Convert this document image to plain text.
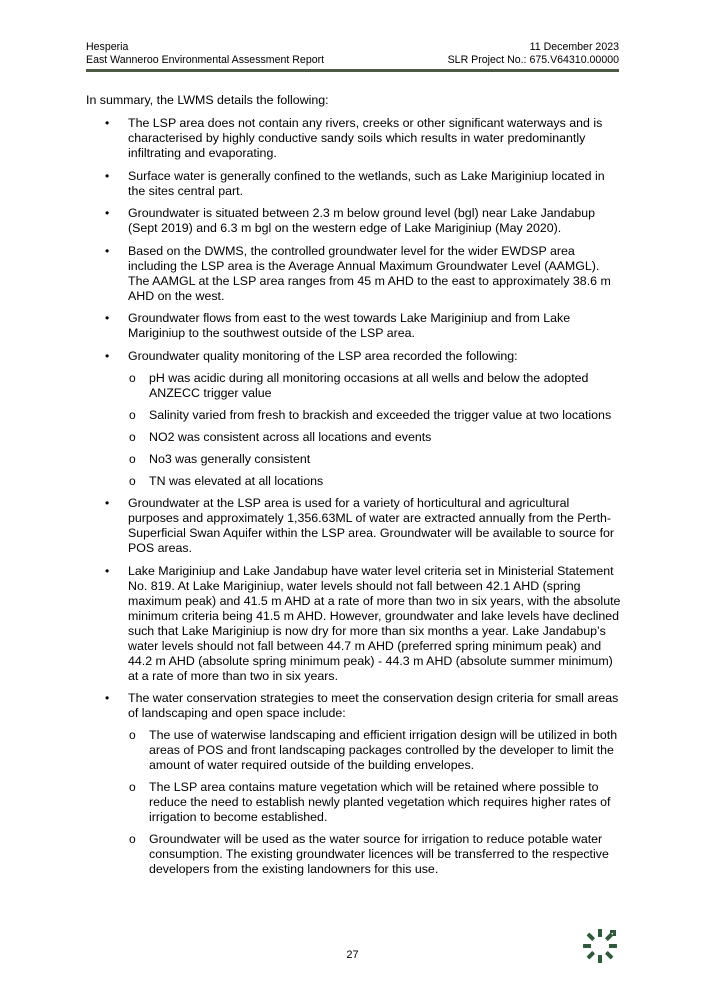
Hesperia
East Wanneroo Environmental Assessment Report
11 December 2023
SLR Project No.: 675.V64310.00000

In summary, the LWMS details the following:

• The LSP area does not contain any rivers, creeks or other significant waterways and is characterised by highly conductive sandy soils which results in water predominantly infiltrating and evaporating.
• Surface water is generally confined to the wetlands, such as Lake Mariginiup located in the sites central part.
• Groundwater is situated between 2.3 m below ground level (bgl) near Lake Jandabup (Sept 2019) and 6.3 m bgl on the western edge of Lake Mariginiup (May 2020).
• Based on the DWMS, the controlled groundwater level for the wider EWDSP area including the LSP area is the Average Annual Maximum Groundwater Level (AAMGL). The AAMGL at the LSP area ranges from 45 m AHD to the east to approximately 38.6 m AHD on the west.
• Groundwater flows from east to the west towards Lake Mariginiup and from Lake Mariginiup to the southwest outside of the LSP area.
• Groundwater quality monitoring of the LSP area recorded the following:
o pH was acidic during all monitoring occasions at all wells and below the adopted ANZECC trigger value
o Salinity varied from fresh to brackish and exceeded the trigger value at two locations
o NO2 was consistent across all locations and events
o No3 was generally consistent
o TN was elevated at all locations
• Groundwater at the LSP area is used for a variety of horticultural and agricultural purposes and approximately 1,356.63ML of water are extracted annually from the Perth-Superficial Swan Aquifer within the LSP area. Groundwater will be available to source for POS areas.
• Lake Mariginiup and Lake Jandabup have water level criteria set in Ministerial Statement No. 819. At Lake Mariginiup, water levels should not fall between 42.1 AHD (spring maximum peak) and 41.5 m AHD at a rate of more than two in six years, with the absolute minimum criteria being 41.5 m AHD. However, groundwater and lake levels have declined such that Lake Mariginiup is now dry for more than six months a year. Lake Jandabup’s water levels should not fall between 44.7 m AHD (preferred spring minimum peak) and 44.2 m AHD (absolute spring minimum peak) - 44.3 m AHD (absolute summer minimum) at a rate of more than two in six years.
• The water conservation strategies to meet the conservation design criteria for small areas of landscaping and open space include:
o The use of waterwise landscaping and efficient irrigation design will be utilized in both areas of POS and front landscaping packages controlled by the developer to limit the amount of water required outside of the building envelopes.
o The LSP area contains mature vegetation which will be retained where possible to reduce the need to establish newly planted vegetation which requires higher rates of irrigation to become established.
o Groundwater will be used as the water source for irrigation to reduce potable water consumption. The existing groundwater licences will be transferred to the respective developers from the existing landowners for this use.
27
